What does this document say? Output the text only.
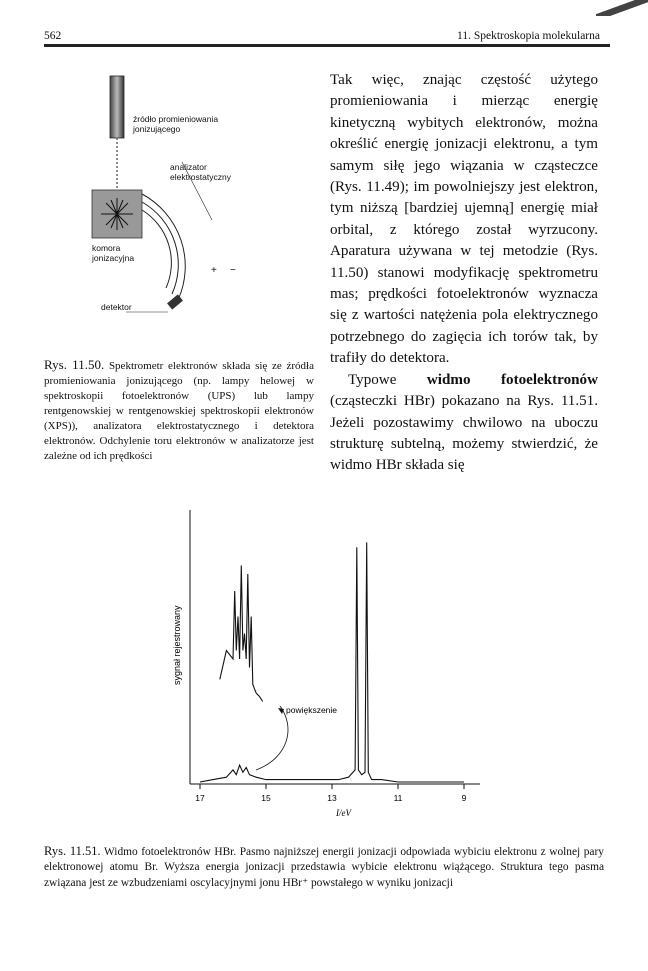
562	11. Spektroskopia molekularna
źródło promieniowania
jonizującego
analizator
elektrostatyczny
komora
jonizacyjna
detektor
+ −
Rys. 11.50. Spektrometr elektronów składa się ze źródła promieniowania jonizującego (np. lampy helowej w spektroskopii fotoelektronów (UPS) lub lampy rentgenowskiej w rentgenowskiej spektroskopii elektronów (XPS)), analizatora elektrostatycznego i detektora elektronów. Odchylenie toru elektronów w analizatorze jest zależne od ich prędkości

Tak więc, znając częstość użytego promieniowania i mierząc energię kinetyczną wybitych elektronów, można określić energię jonizacji elektronu, a tym samym siłę jego wiązania w cząsteczce (Rys. 11.49); im powolniejszy jest elektron, tym niższą [bardziej ujemną] energię miał orbital, z którego został wyrzucony. Aparatura używana w tej metodzie (Rys. 11.50) stanowi modyfikację spektrometru mas; prędkości fotoelektronów wyznacza się z wartości natężenia pola elektrycznego potrzebnego do zagięcia ich torów tak, by trafiły do detektora.

Typowe widmo fotoelektronów (cząsteczki HBr) pokazano na Rys. 11.51. Jeżeli pozostawimy chwilowo na uboczu strukturę subtelną, możemy stwierdzić, że widmo HBr składa się

17	15	13	11	9
sygnał rejestrowany
I/eV
powiększenie
Rys. 11.51. Widmo fotoelektronów HBr. Pasmo najniższej energii jonizacji odpowiada wybiciu elektronu z wolnej pary elektronowej atomu Br. Wyższa energia jonizacji przedstawia wybicie elektronu wiążącego. Struktura tego pasma związana jest ze wzbudzeniami oscylacyjnymi jonu HBr⁺ powstałego w wyniku jonizacji
